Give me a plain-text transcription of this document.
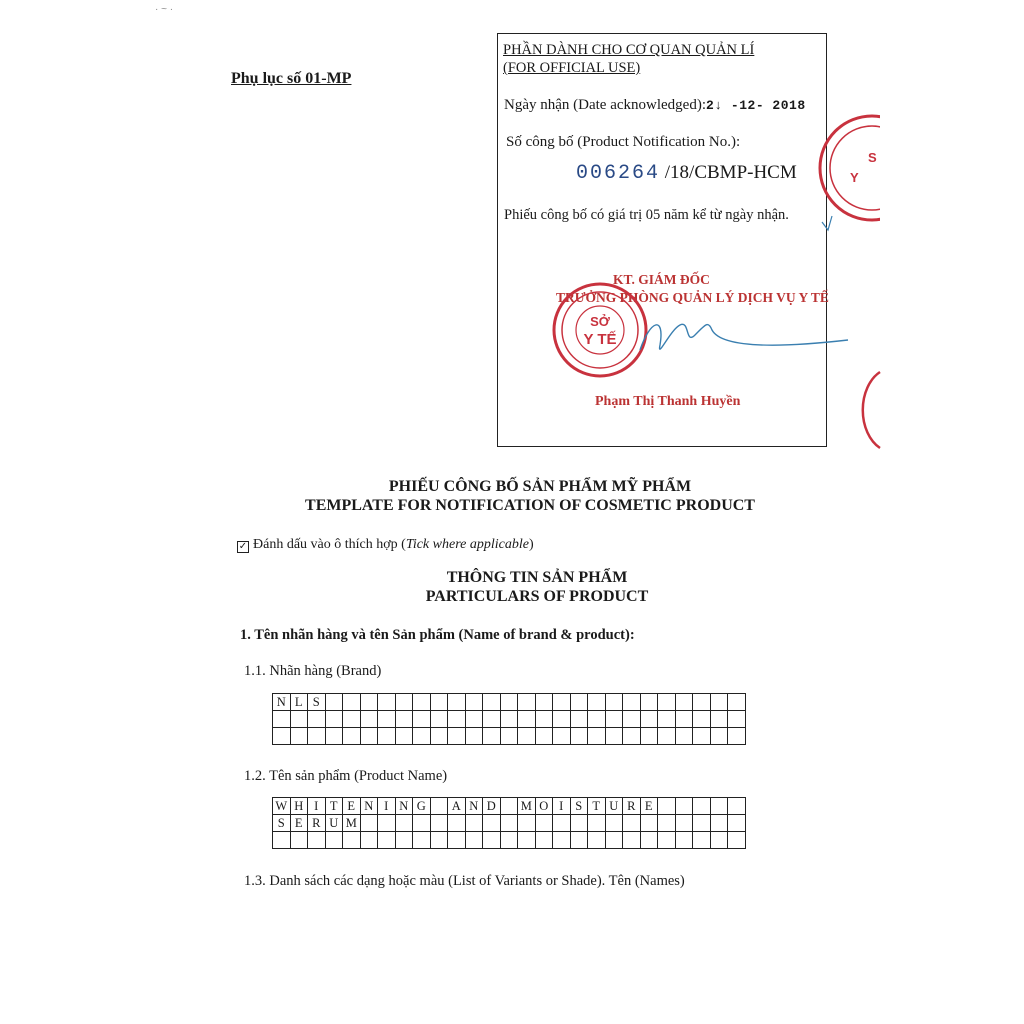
· ~ ·
Phụ lục số 01-MP
PHẦN DÀNH CHO CƠ QUAN QUẢN LÍ
(FOR OFFICIAL USE)
Ngày nhận (Date acknowledged):2↓ -12- 2018
Số công bố (Product Notification No.):
006264 /18/CBMP-HCM
Phiếu công bố có giá trị 05 năm kể từ ngày nhận.
KT. GIÁM ĐỐC
TRƯỞNG PHÒNG QUẢN LÝ DỊCH VỤ Y TẾ
Phạm Thị Thanh Huyền
SỞ
Y TẾ
S
Y
PHIẾU CÔNG BỐ SẢN PHẨM MỸ PHẨM
TEMPLATE FOR NOTIFICATION OF COSMETIC PRODUCT
✓ Đánh dấu vào ô thích hợp (Tick where applicable)
THÔNG TIN SẢN PHẨM
PARTICULARS OF PRODUCT
1. Tên nhãn hàng và tên Sản phẩm (Name of brand & product):
1.1. Nhãn hàng (Brand)
N	L	S																								

1.2. Tên sản phẩm (Product Name)
W	H	I	T	E	N	I	N	G		A	N	D		M	O	I	S	T	U	R	E					
S	E	R	U	M																						

1.3. Danh sách các dạng hoặc màu (List of Variants or Shade). Tên (Names)
